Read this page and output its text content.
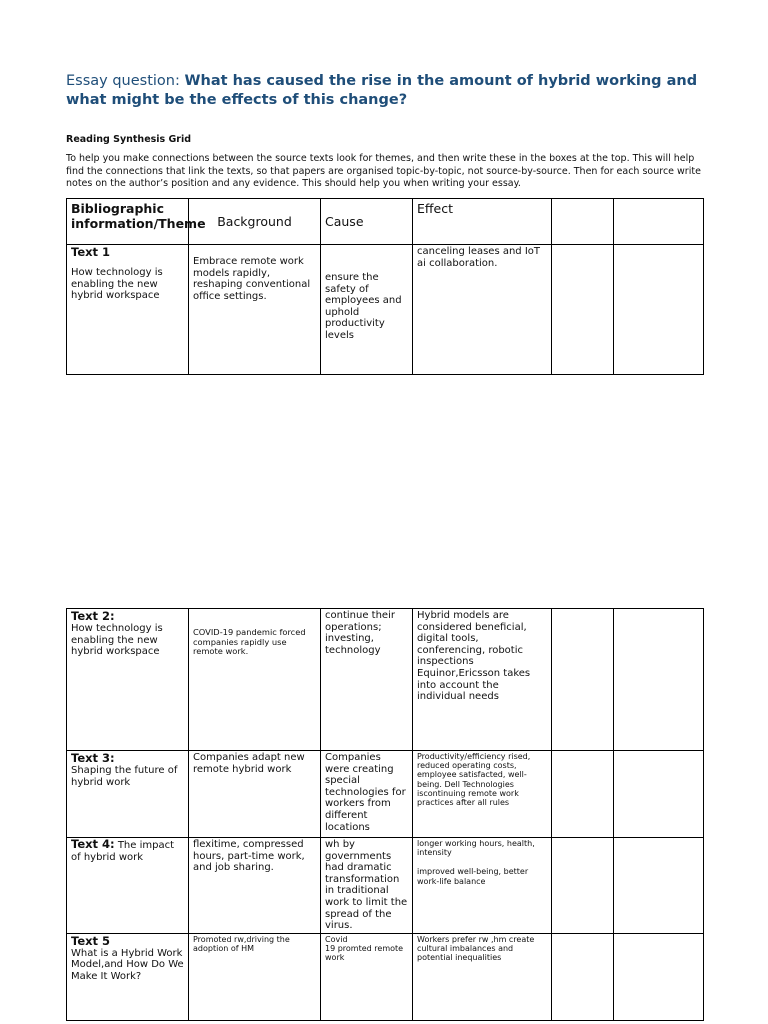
Essay question: What has caused the rise in the amount of hybrid working and what might be the effects of this change?
Reading Synthesis Grid
To help you make connections between the source texts look for themes, and then write these in the boxes at the top. This will help find the connections that link the texts, so that papers are organised topic-by-topic, not source-by-source. Then for each source write notes on the author’s position and any evidence. This should help you when writing your essay.
Bibliographic information/Theme	Background	Cause	Effect		

Text 1
How technology is enabling the new hybrid workspace	Embrace remote work models rapidly, reshaping conventional office settings.	ensure the safety of employees and uphold productivity levels	canceling leases and IoT ai collaboration.		
Text 2:
How technology is enabling the new hybrid workspace	COVID-19 pandemic forced companies rapidly use remote work.	continue their operations; investing, technology	Hybrid models are considered beneficial, digital tools, conferencing, robotic inspections Equinor,Ericsson takes into account the individual needs		

Text 3:
Shaping the future of hybrid work	Companies adapt new remote hybrid work	Companies were creating special technologies for workers from different locations	Productivity/efficiency rised, reduced operating costs, employee satisfacted, well-being. Dell Technologies iscontinuing remote work practices after all rules		
Text 4: The impact of hybrid work	flexitime, compressed hours, part-time work, and job sharing.	wh by governments had dramatic transformation in traditional work to limit the spread of the virus.	longer working hours, health, intensity
improved well-being, better work-life balance		

Text 5
What is a Hybrid Work Model,and How Do We Make It Work?	Promoted rw,driving the adoption of HM	Covid
19 promted remote work	Workers prefer rw ,hm create cultural imbalances and potential inequalities		
